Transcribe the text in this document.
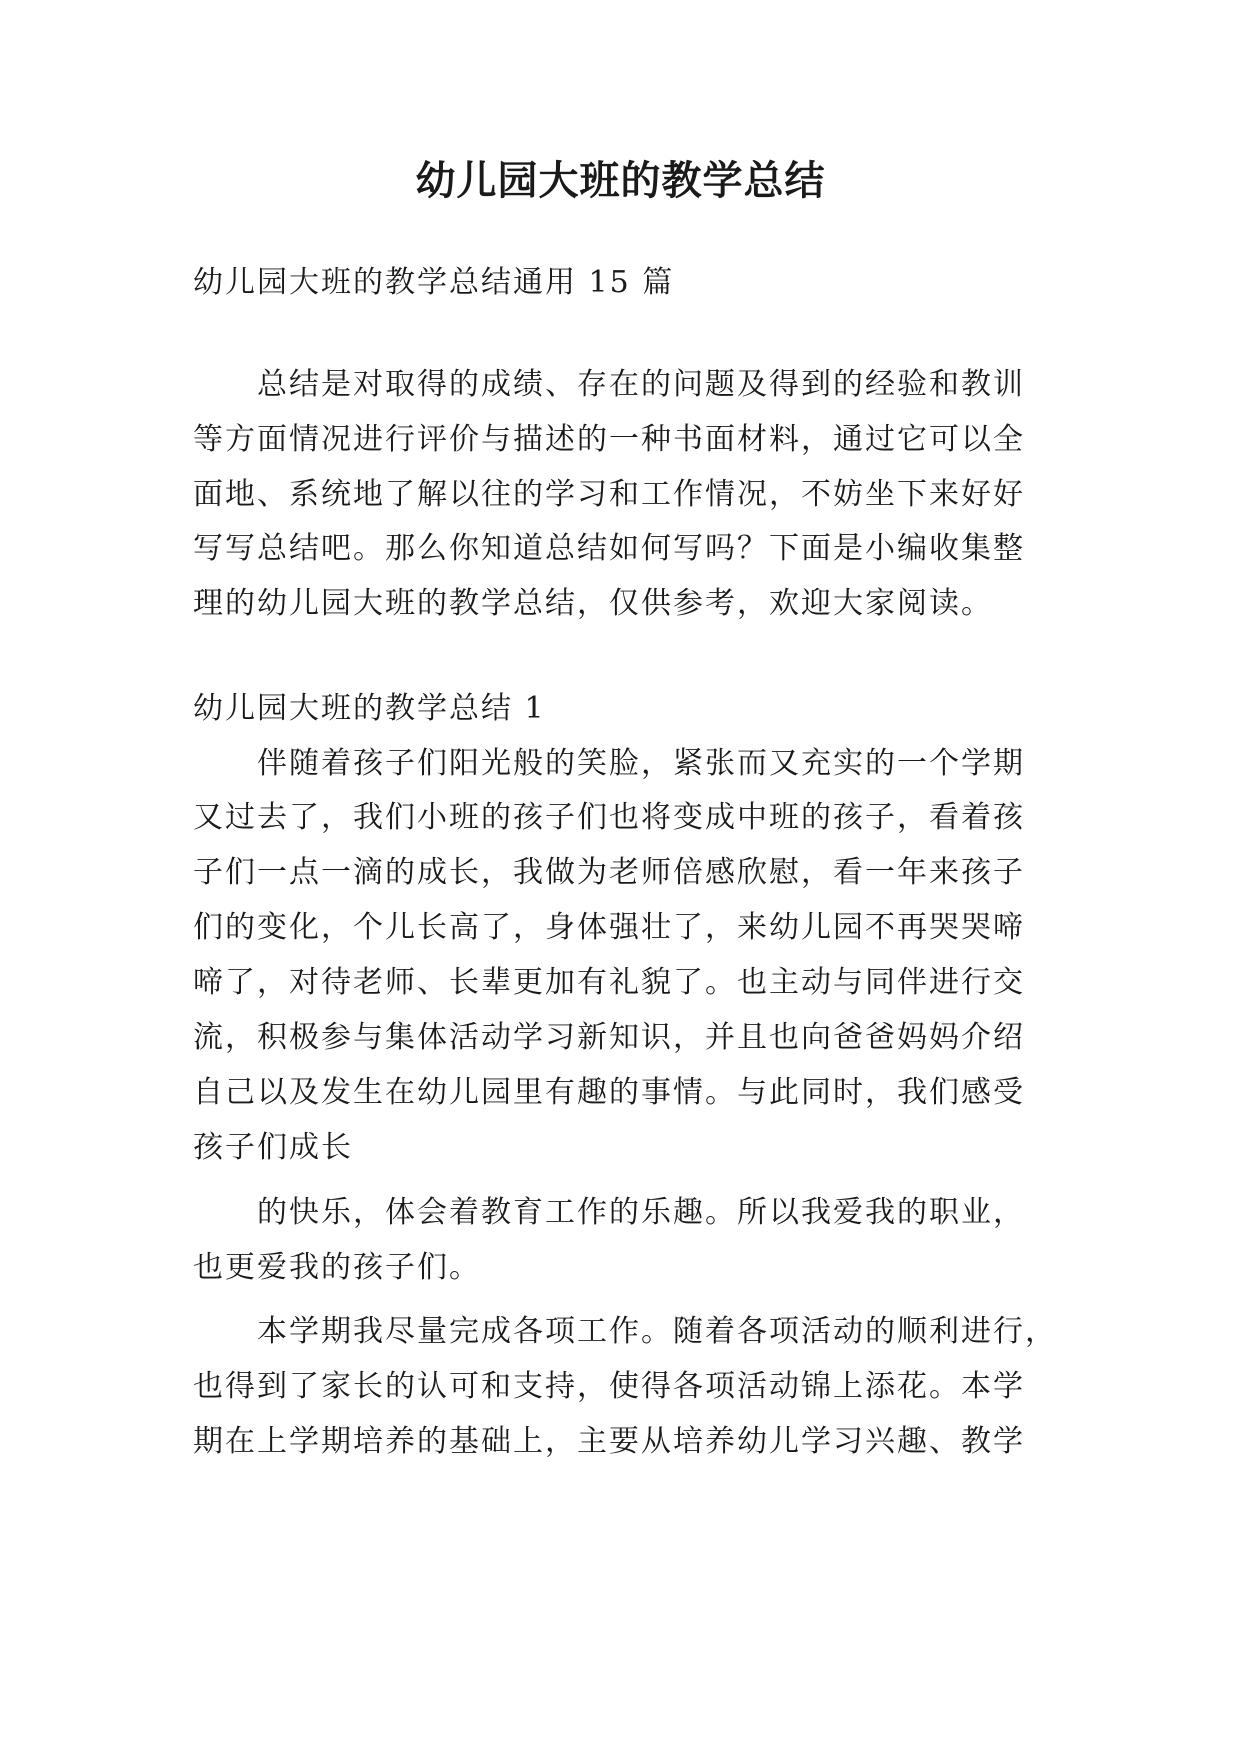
幼儿园大班的教学总结

幼儿园大班的教学总结通用 15 篇

总结是对取得的成绩、存在的问题及得到的经验和教训

等方面情况进行评价与描述的一种书面材料，通过它可以全

面地、系统地了解以往的学习和工作情况，不妨坐下来好好

写写总结吧。那么你知道总结如何写吗？下面是小编收集整

理的幼儿园大班的教学总结，仅供参考，欢迎大家阅读。

幼儿园大班的教学总结 1

伴随着孩子们阳光般的笑脸，紧张而又充实的一个学期

又过去了，我们小班的孩子们也将变成中班的孩子，看着孩

子们一点一滴的成长，我做为老师倍感欣慰，看一年来孩子

们的变化，个儿长高了，身体强壮了，来幼儿园不再哭哭啼

啼了，对待老师、长辈更加有礼貌了。也主动与同伴进行交

流，积极参与集体活动学习新知识，并且也向爸爸妈妈介绍

自己以及发生在幼儿园里有趣的事情。与此同时，我们感受

孩子们成长

的快乐，体会着教育工作的乐趣。所以我爱我的职业，

也更爱我的孩子们。

本学期我尽量完成各项工作。随着各项活动的顺利进行，

也得到了家长的认可和支持，使得各项活动锦上添花。本学

期在上学期培养的基础上，主要从培养幼儿学习兴趣、教学
